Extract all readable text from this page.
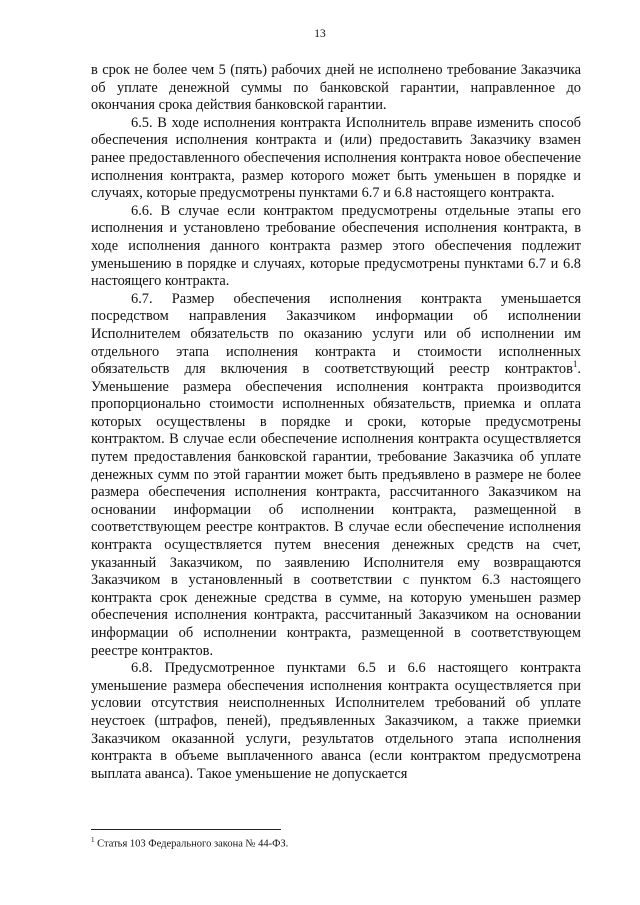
13

в срок не более чем 5 (пять) рабочих дней не исполнено требование Заказчика об уплате денежной суммы по банковской гарантии, направленное до окончания срока действия банковской гарантии.

6.5. В ходе исполнения контракта Исполнитель вправе изменить способ обеспечения исполнения контракта и (или) предоставить Заказчику взамен ранее предоставленного обеспечения исполнения контракта новое обеспечение исполнения контракта, размер которого может быть уменьшен в порядке и случаях, которые предусмотрены пунктами 6.7 и 6.8 настоящего контракта.

6.6. В случае если контрактом предусмотрены отдельные этапы его исполнения и установлено требование обеспечения исполнения контракта, в ходе исполнения данного контракта размер этого обеспечения подлежит уменьшению в порядке и случаях, которые предусмотрены пунктами 6.7 и 6.8 настоящего контракта.

6.7. Размер обеспечения исполнения контракта уменьшается посредством направления Заказчиком информации об исполнении Исполнителем обязательств по оказанию услуги или об исполнении им отдельного этапа исполнения контракта и стоимости исполненных обязательств для включения в соответствующий реестр контрактов$^1$. Уменьшение размера обеспечения исполнения контракта производится пропорционально стоимости исполненных обязательств, приемка и оплата которых осуществлены в порядке и сроки, которые предусмотрены контрактом. В случае если обеспечение исполнения контракта осуществляется путем предоставления банковской гарантии, требование Заказчика об уплате денежных сумм по этой гарантии может быть предъявлено в размере не более размера обеспечения исполнения контракта, рассчитанного Заказчиком на основании информации об исполнении контракта, размещенной в соответствующем реестре контрактов. В случае если обеспечение исполнения контракта осуществляется путем внесения денежных средств на счет, указанный Заказчиком, по заявлению Исполнителя ему возвращаются Заказчиком в установленный в соответствии с пунктом 6.3 настоящего контракта срок денежные средства в сумме, на которую уменьшен размер обеспечения исполнения контракта, рассчитанный Заказчиком на основании информации об исполнении контракта, размещенной в соответствующем реестре контрактов.

6.8. Предусмотренное пунктами 6.5 и 6.6 настоящего контракта уменьшение размера обеспечения исполнения контракта осуществляется при условии отсутствия неисполненных Исполнителем требований об уплате неустоек (штрафов, пеней), предъявленных Заказчиком, а также приемки Заказчиком оказанной услуги, результатов отдельного этапа исполнения контракта в объеме выплаченного аванса (если контрактом предусмотрена выплата аванса). Такое уменьшение не допускается

$^1$ Статья 103 Федерального закона № 44-ФЗ.
